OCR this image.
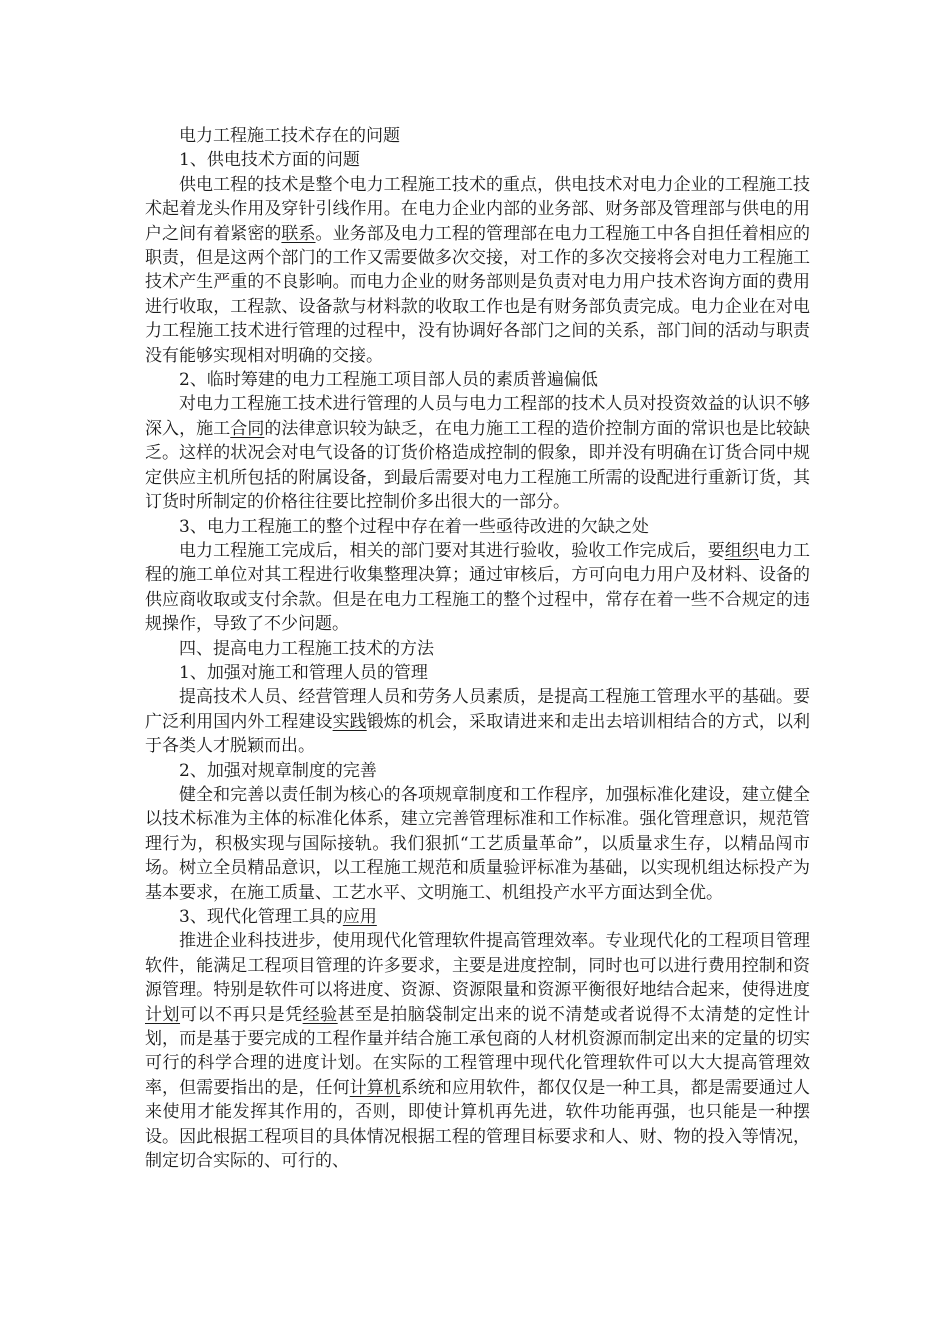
电力工程施工技术存在的问题

1、供电技术方面的问题

供电工程的技术是整个电力工程施工技术的重点，供电技术对电力企业的工程施工技术起着龙头作用及穿针引线作用。在电力企业内部的业务部、财务部及管理部与供电的用户之间有着紧密的联系。业务部及电力工程的管理部在电力工程施工中各自担任着相应的职责，但是这两个部门的工作又需要做多次交接，对工作的多次交接将会对电力工程施工技术产生严重的不良影响。而电力企业的财务部则是负责对电力用户技术咨询方面的费用进行收取，工程款、设备款与材料款的收取工作也是有财务部负责完成。电力企业在对电力工程施工技术进行管理的过程中，没有协调好各部门之间的关系，部门间的活动与职责没有能够实现相对明确的交接。

2、临时筹建的电力工程施工项目部人员的素质普遍偏低

对电力工程施工技术进行管理的人员与电力工程部的技术人员对投资效益的认识不够深入，施工合同的法律意识较为缺乏，在电力施工工程的造价控制方面的常识也是比较缺乏。这样的状况会对电气设备的订货价格造成控制的假象，即并没有明确在订货合同中规定供应主机所包括的附属设备，到最后需要对电力工程施工所需的设配进行重新订货，其订货时所制定的价格往往要比控制价多出很大的一部分。

3、电力工程施工的整个过程中存在着一些亟待改进的欠缺之处

电力工程施工完成后，相关的部门要对其进行验收，验收工作完成后，要组织电力工程的施工单位对其工程进行收集整理决算；通过审核后，方可向电力用户及材料、设备的供应商收取或支付余款。但是在电力工程施工的整个过程中，常存在着一些不合规定的违规操作，导致了不少问题。

四、提高电力工程施工技术的方法

1、加强对施工和管理人员的管理

提高技术人员、经营管理人员和劳务人员素质，是提高工程施工管理水平的基础。要广泛利用国内外工程建设实践锻炼的机会，采取请进来和走出去培训相结合的方式，以利于各类人才脱颖而出。

2、加强对规章制度的完善

健全和完善以责任制为核心的各项规章制度和工作程序，加强标准化建设，建立健全以技术标准为主体的标准化体系，建立完善管理标准和工作标准。强化管理意识，规范管理行为，积极实现与国际接轨。我们狠抓“工艺质量革命”，以质量求生存，以精品闯市场。树立全员精品意识，以工程施工规范和质量验评标准为基础，以实现机组达标投产为基本要求，在施工质量、工艺水平、文明施工、机组投产水平方面达到全优。

3、现代化管理工具的应用

推进企业科技进步，使用现代化管理软件提高管理效率。专业现代化的工程项目管理软件，能满足工程项目管理的许多要求，主要是进度控制，同时也可以进行费用控制和资源管理。特别是软件可以将进度、资源、资源限量和资源平衡很好地结合起来，使得进度计划可以不再只是凭经验甚至是拍脑袋制定出来的说不清楚或者说得不太清楚的定性计划，而是基于要完成的工程作量并结合施工承包商的人材机资源而制定出来的定量的切实可行的科学合理的进度计划。在实际的工程管理中现代化管理软件可以大大提高管理效率，但需要指出的是，任何计算机系统和应用软件，都仅仅是一种工具，都是需要通过人来使用才能发挥其作用的，否则，即使计算机再先进，软件功能再强，也只能是一种摆设。因此根据工程项目的具体情况根据工程的管理目标要求和人、财、物的投入等情况，制定切合实际的、可行的、
